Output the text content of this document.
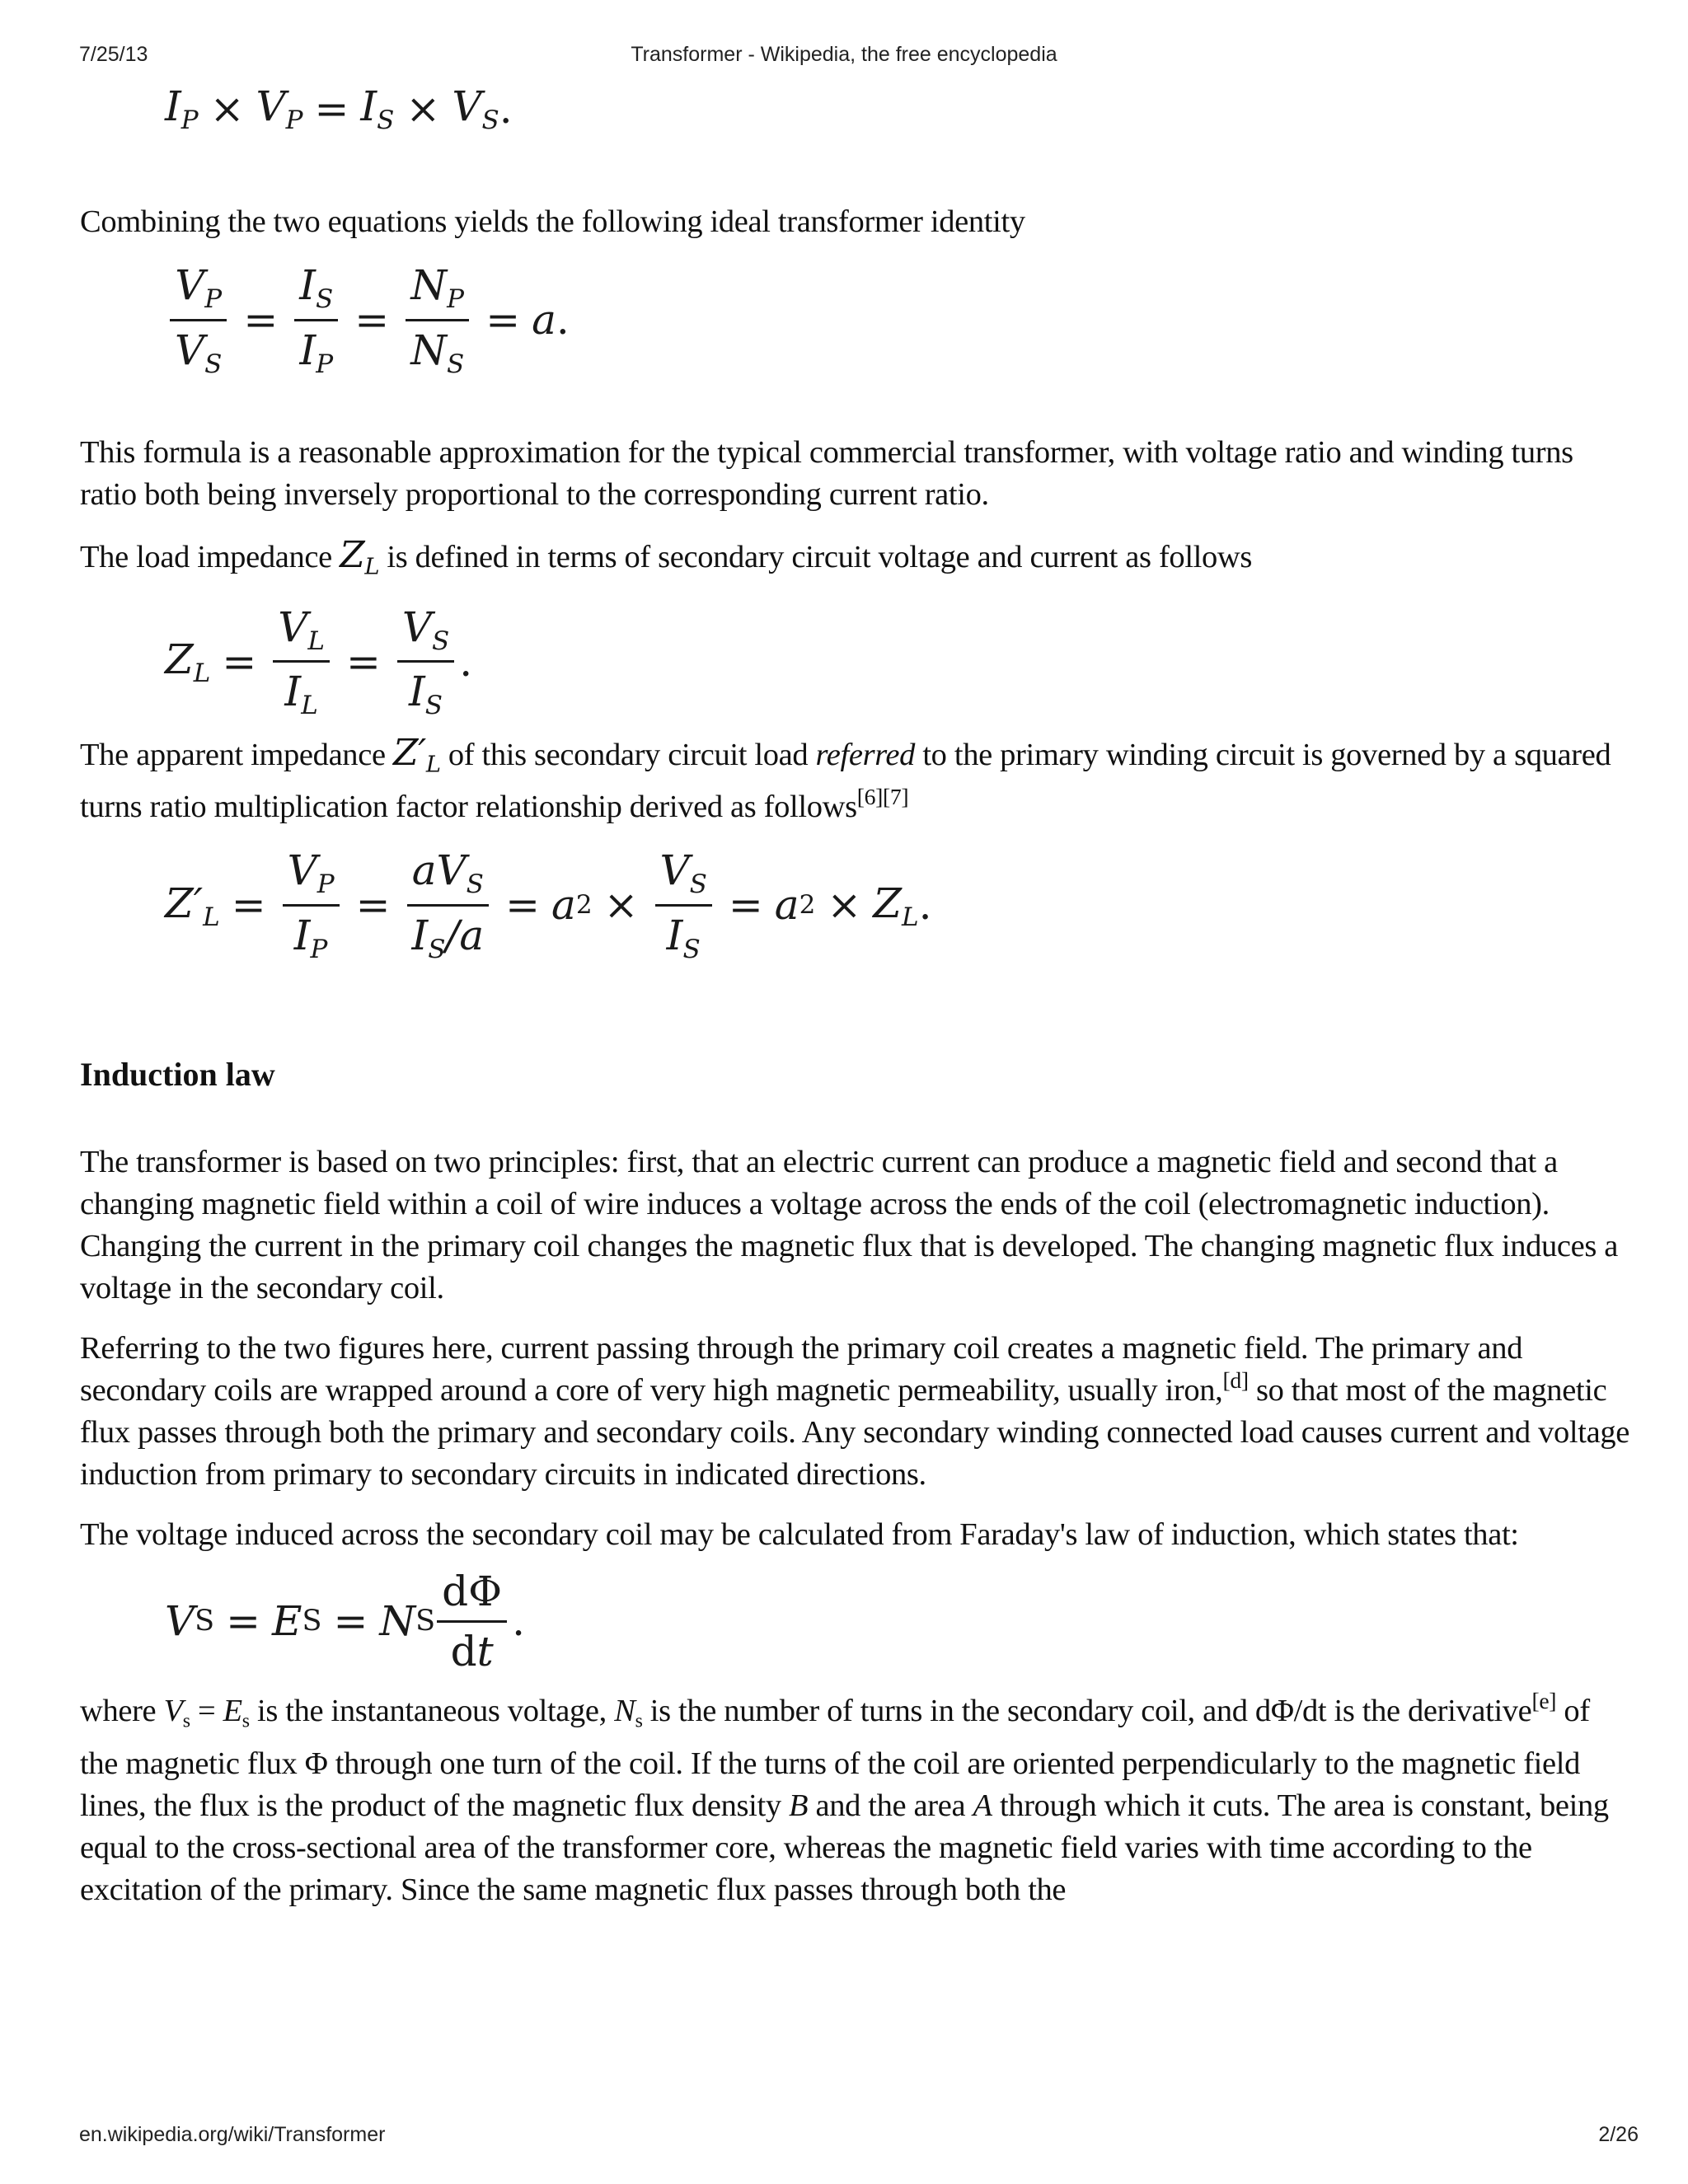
7/25/13	Transformer - Wikipedia, the free encyclopedia
$I_P \times V_P = I_S \times V_S$ .

Combining the two equations yields the following ideal transformer identity

$\frac{V_P}{V_S} = \frac{I_S}{I_P} = \frac{N_P}{N_S} = a$ .

This formula is a reasonable approximation for the typical commercial transformer, with voltage ratio and winding turns ratio both being inversely proportional to the corresponding current ratio.

The load impedance $Z_L$ is defined in terms of secondary circuit voltage and current as follows

$Z_L = \frac{V_L}{I_L} = \frac{V_S}{I_S}$ .

The apparent impedance $Z'_L$ of this secondary circuit load referred to the primary winding circuit is governed by a squared turns ratio multiplication factor relationship derived as follows[6][7]

$Z'_L = \frac{V_P}{I_P} = \frac{aV_S}{I_S/a} = a$ $2 \times \frac{V_S}{I_S} = a$ $2 \times Z_L$ .
Induction law

The transformer is based on two principles: first, that an electric current can produce a magnetic field and second that a changing magnetic field within a coil of wire induces a voltage across the ends of the coil (electromagnetic induction). Changing the current in the primary coil changes the magnetic flux that is developed. The changing magnetic flux induces a voltage in the secondary coil.

Referring to the two figures here, current passing through the primary coil creates a magnetic field. The primary and secondary coils are wrapped around a core of very high magnetic permeability, usually iron,[d] so that most of the magnetic flux passes through both the primary and secondary coils. Any secondary winding connected load causes current and voltage induction from primary to secondary circuits in indicated directions.

The voltage induced across the secondary coil may be calculated from Faraday's law of induction, which states that:

V S = E S = N S $\frac{d\Phi}{dt}$ .

where $V_s = E_s$ is the instantaneous voltage, $N_s$ is the number of turns in the secondary coil, and dΦ/dt is the derivative[e] of the magnetic flux Φ through one turn of the coil. If the turns of the coil are oriented perpendicularly to the magnetic field lines, the flux is the product of the magnetic flux density B and the area A through which it cuts. The area is constant, being equal to the cross-sectional area of the transformer core, whereas the magnetic field varies with time according to the excitation of the primary. Since the same magnetic flux passes through both the

en.wikipedia.org/wiki/Transformer	2/26
